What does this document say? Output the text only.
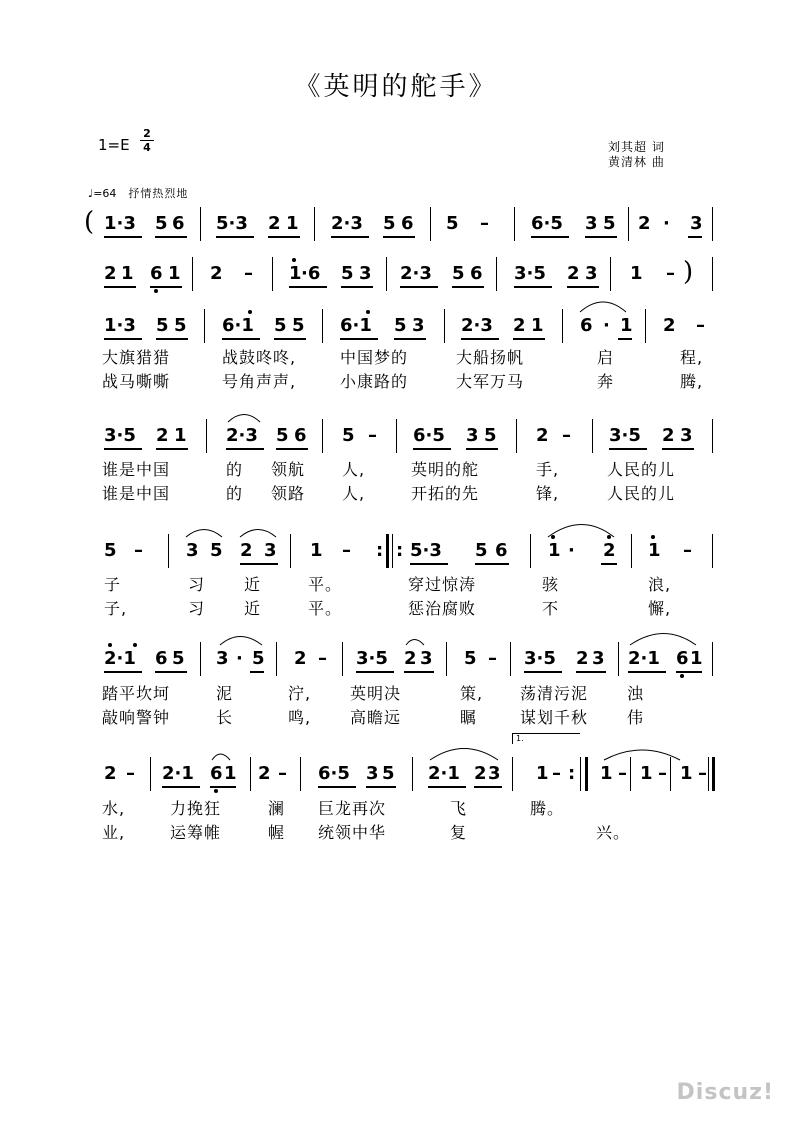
《英明的舵手》
1=E
2
4	刘其超 词
黄清林 曲
♩=64 抒情热烈地
( 1·3 5 6 5·3 2 1 2·3 5 6 5 – 6·5 3 5 2 · 3
2 1 6 1 2 – 1 ·6 5 3 2·3 5 6 3·5 2 3 1 – )
1·3 5 5 6·1 5 5 6·1 5 3 2·3 2 1 6 · 1 2 –
大旗猎猎	战鼓咚咚,	中国梦的	大船扬帆	启	程,
战马嘶嘶	号角声声,	小康路的	大军万马	奔	腾,
3·5 2 1 2·3 5 6 5 – 6·5 3 5 2 – 3·5 2 3
谁是中国	的 领航 人,	英明的舵	手,	人民的儿
谁是中国	的 领路 人,	开拓的先	锋,	人民的儿
5 – 3 5 2 3 1 – : : 5·3 5 6 1 · 2 1 –
子	习 近	平。	穿过惊涛	骇	浪,
子,	习 近	平。	惩治腐败	不	懈,
2·1 6 5 3 · 5 2 – 3·5 2 3 5 – 3·5 2 3 2·1 6 1
踏平坎坷	泥	泞, 英明决	策, 荡清污泥 浊
敲响警钟	长	鸣, 高瞻远	瞩	谋划千秋 伟
2 – 2·1 6 1 2 – 6·5 3 5 2·1 2 3
1.
1 – : 1 – 1 – 1 –
水,	力挽狂	澜 巨龙再次	飞	腾。
业,	运筹帷	幄 统领中华	复	兴。
Discuz!
